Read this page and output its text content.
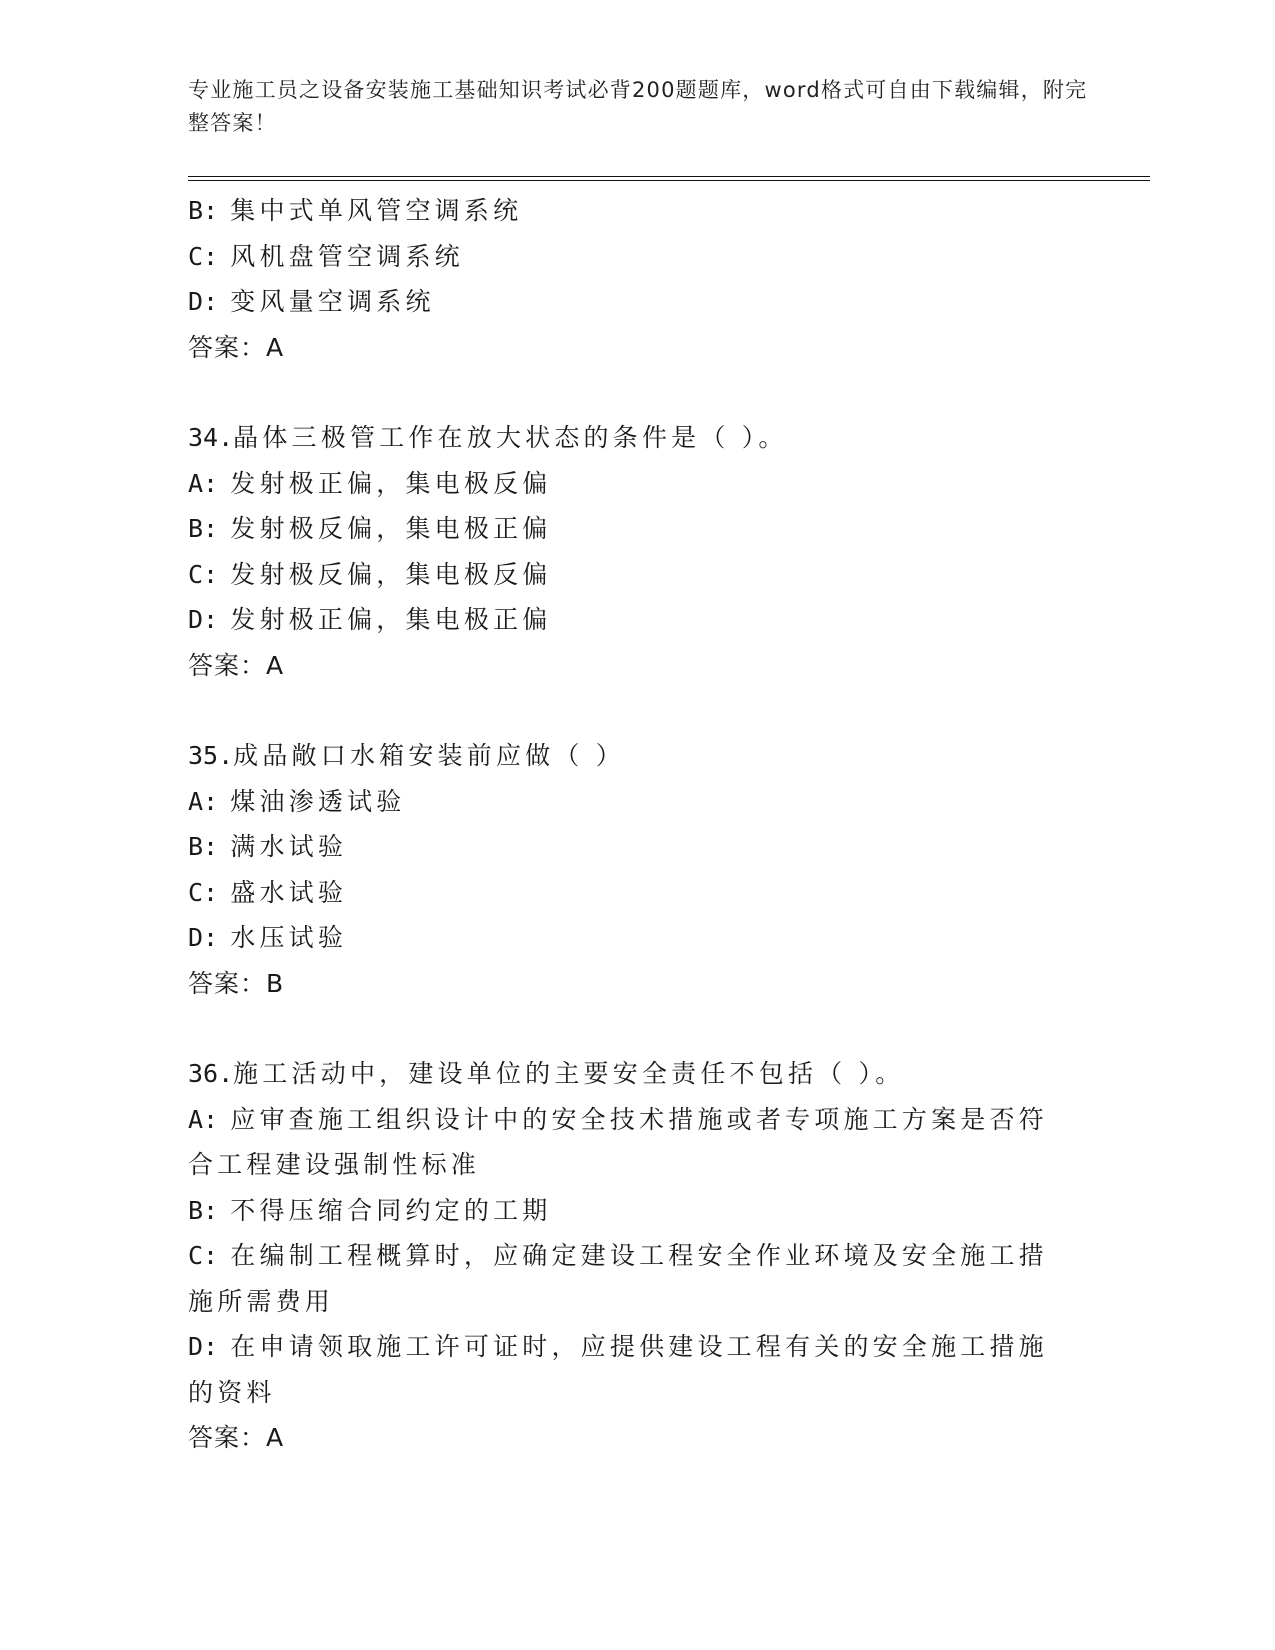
专业施工员之设备安装施工基础知识考试必背200题题库，word格式可自由下载编辑，附完整答案！

B: 集中式单风管空调系统

C: 风机盘管空调系统

D: 变风量空调系统

答案：A

34.晶体三极管工作在放大状态的条件是（ ）。

A: 发射极正偏，集电极反偏

B: 发射极反偏，集电极正偏

C: 发射极反偏，集电极反偏

D: 发射极正偏，集电极正偏

答案：A

35.成品敞口水箱安装前应做（ ）

A: 煤油渗透试验

B: 满水试验

C: 盛水试验

D: 水压试验

答案：B

36.施工活动中，建设单位的主要安全责任不包括（ ）。

A: 应审查施工组织设计中的安全技术措施或者专项施工方案是否符合工程建设强制性标准

B: 不得压缩合同约定的工期

C: 在编制工程概算时，应确定建设工程安全作业环境及安全施工措施所需费用

D: 在申请领取施工许可证时，应提供建设工程有关的安全施工措施的资料

答案：A
